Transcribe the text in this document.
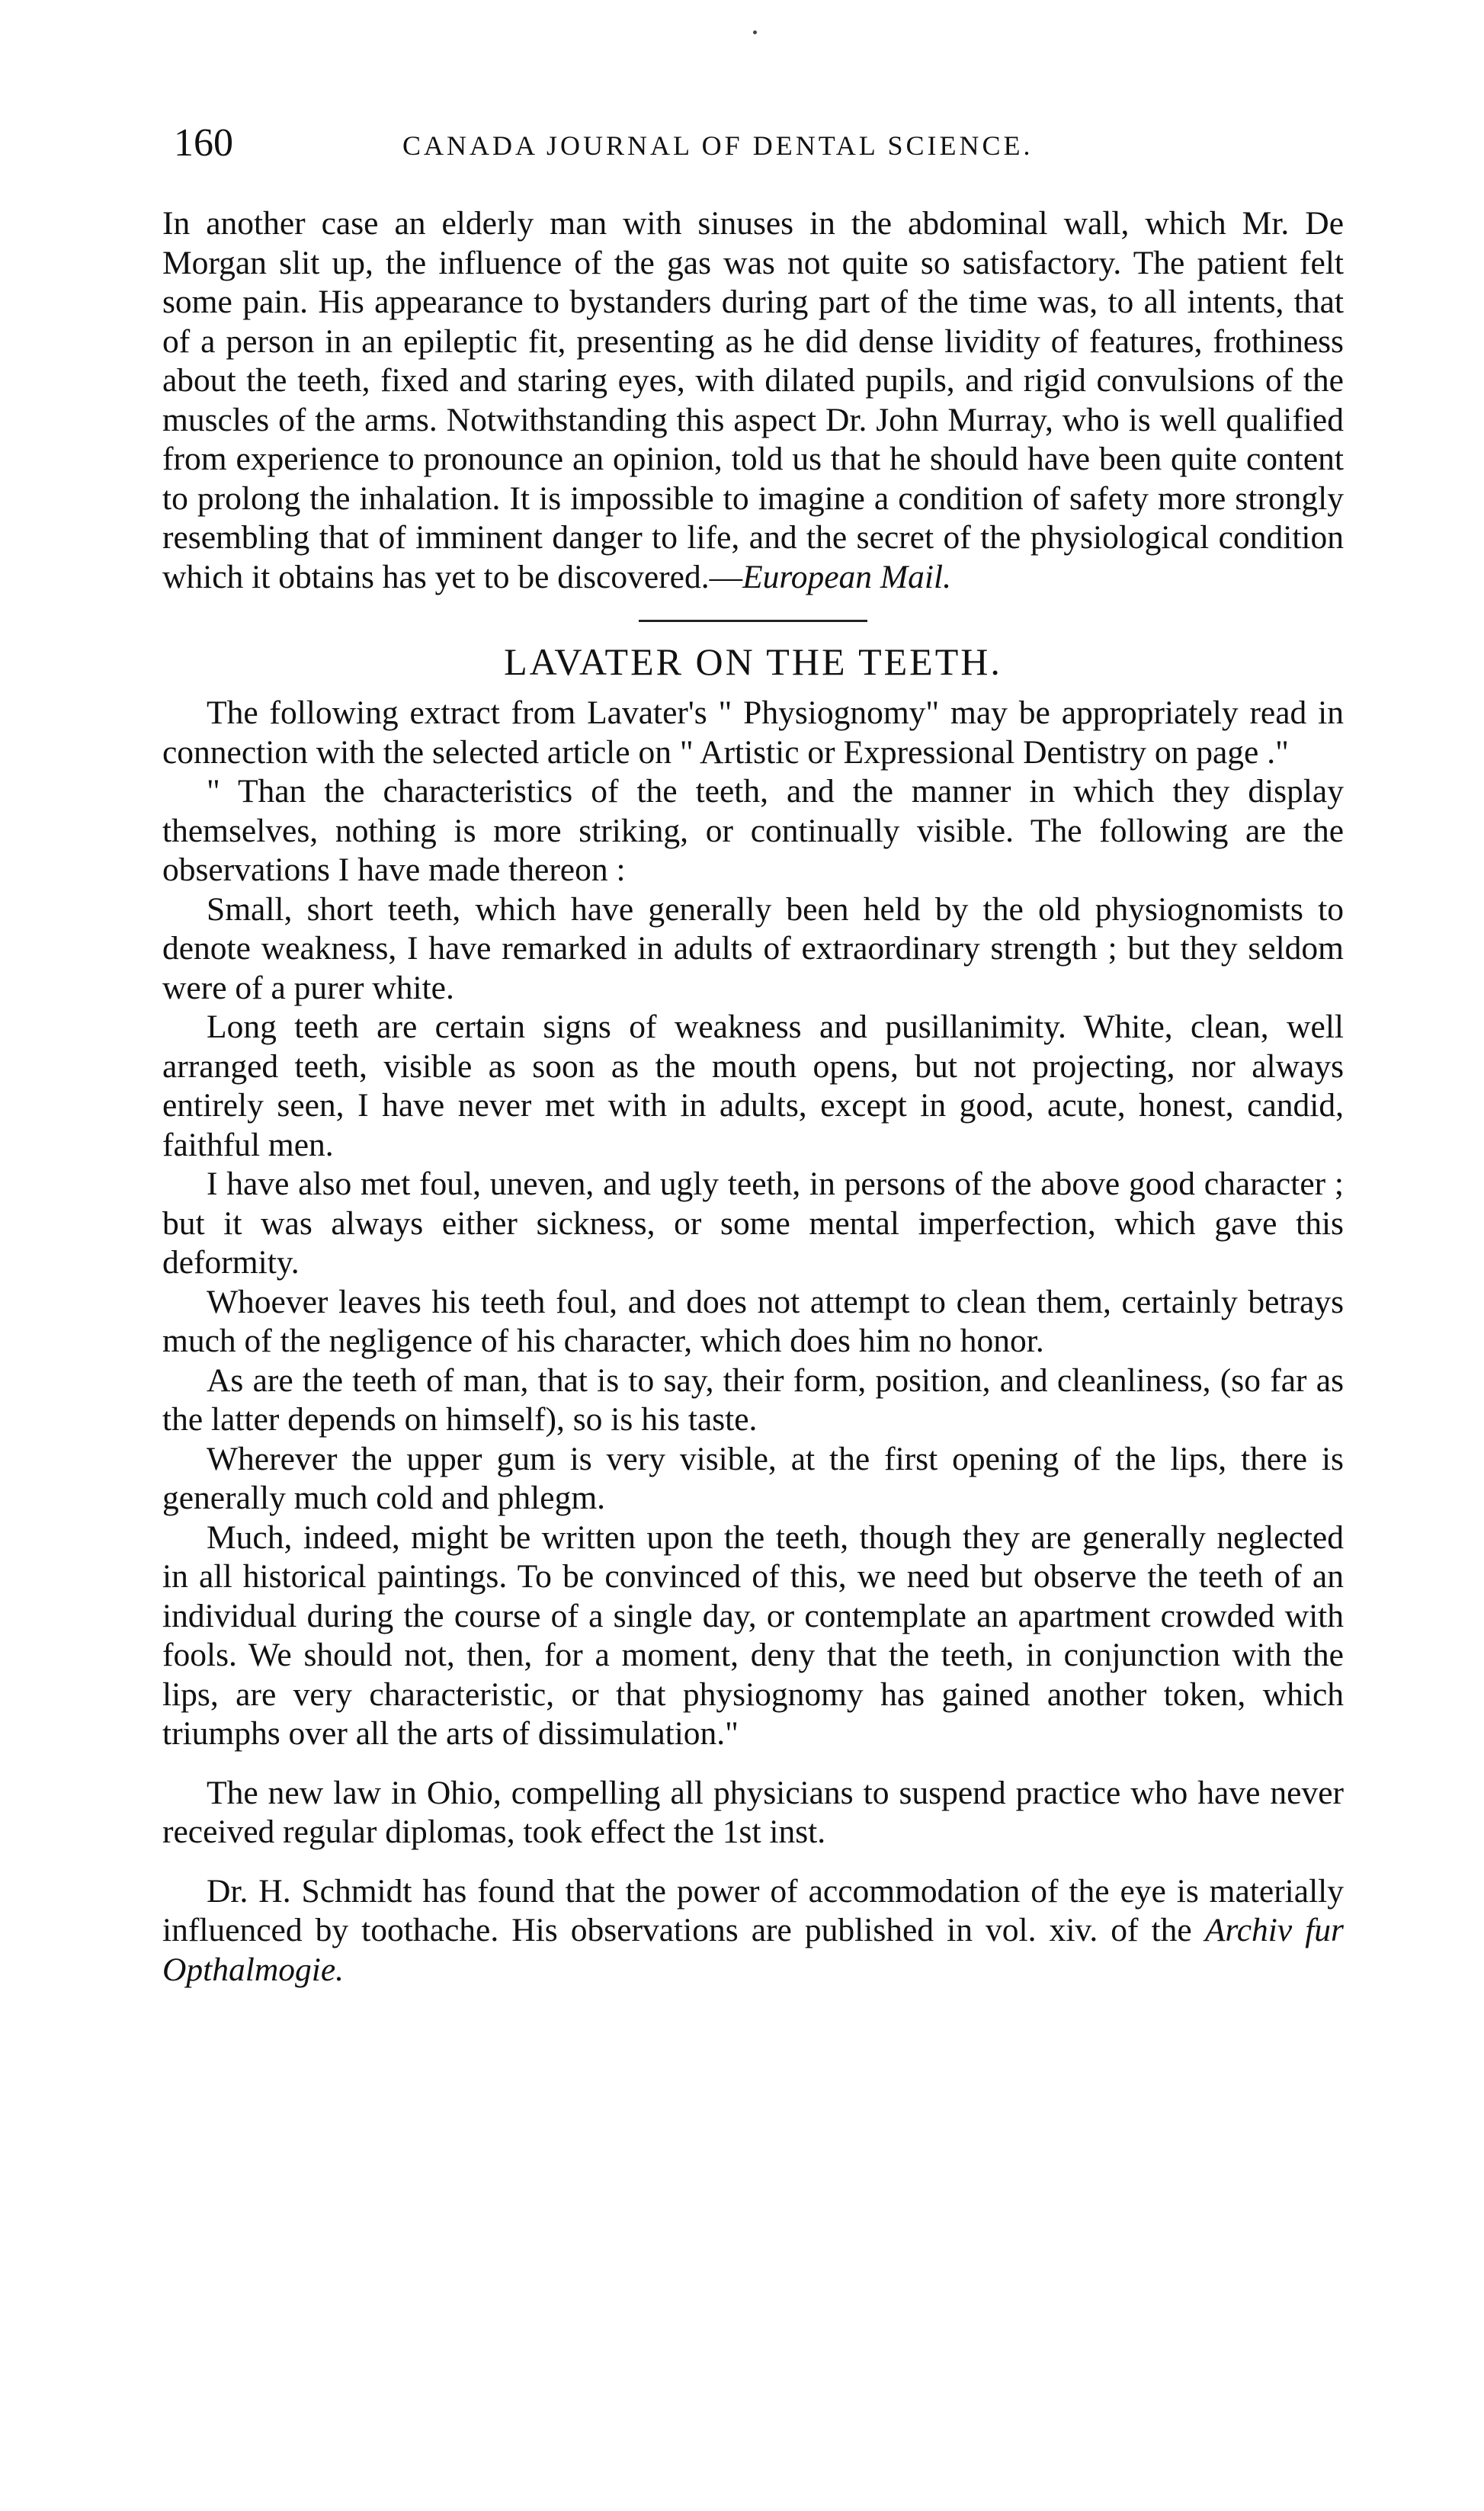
160	CANADA JOURNAL OF DENTAL SCIENCE.

In another case an elderly man with sinuses in the abdominal wall, which Mr. De Morgan slit up, the influence of the gas was not quite so satisfactory. The patient felt some pain. His appearance to bystanders during part of the time was, to all intents, that of a person in an epileptic fit, presenting as he did dense lividity of features, frothiness about the teeth, fixed and staring eyes, with dilated pupils, and rigid convulsions of the muscles of the arms. Notwithstanding this aspect Dr. John Murray, who is well qualified from experience to pronounce an opinion, told us that he should have been quite content to prolong the inhalation. It is impossible to imagine a condition of safety more strongly resembling that of imminent danger to life, and the secret of the physiological condition which it obtains has yet to be discovered.—European Mail.

LAVATER ON THE TEETH.

The following extract from Lavater's " Physiognomy" may be appropriately read in connection with the selected article on " Artistic or Expressional Dentistry on page ."

" Than the characteristics of the teeth, and the manner in which they display themselves, nothing is more striking, or continually visible. The following are the observations I have made thereon :

Small, short teeth, which have generally been held by the old physiognomists to denote weakness, I have remarked in adults of extraordinary strength ; but they seldom were of a purer white.

Long teeth are certain signs of weakness and pusillanimity. White, clean, well arranged teeth, visible as soon as the mouth opens, but not projecting, nor always entirely seen, I have never met with in adults, except in good, acute, honest, candid, faithful men.

I have also met foul, uneven, and ugly teeth, in persons of the above good character ; but it was always either sickness, or some mental imperfection, which gave this deformity.

Whoever leaves his teeth foul, and does not attempt to clean them, certainly betrays much of the negligence of his character, which does him no honor.

As are the teeth of man, that is to say, their form, position, and cleanliness, (so far as the latter depends on himself), so is his taste.

Wherever the upper gum is very visible, at the first opening of the lips, there is generally much cold and phlegm.

Much, indeed, might be written upon the teeth, though they are generally neglected in all historical paintings. To be convinced of this, we need but observe the teeth of an individual during the course of a single day, or contemplate an apartment crowded with fools. We should not, then, for a moment, deny that the teeth, in conjunction with the lips, are very characteristic, or that physiognomy has gained another token, which triumphs over all the arts of dissimulation."

The new law in Ohio, compelling all physicians to suspend practice who have never received regular diplomas, took effect the 1st inst.

Dr. H. Schmidt has found that the power of accommodation of the eye is materially influenced by toothache. His observations are published in vol. xiv. of the Archiv fur Opthalmogie.
